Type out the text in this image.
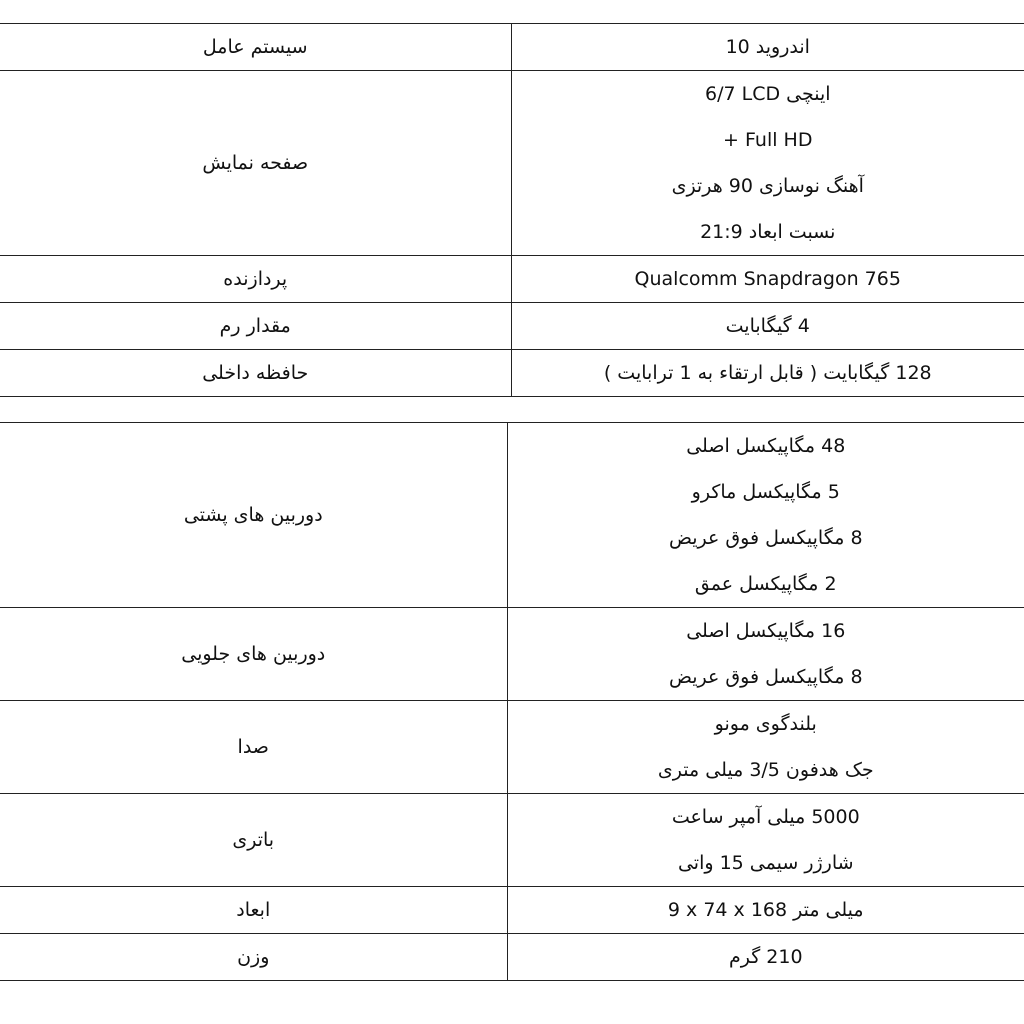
سیستم عامل	اندروید 10

صفحه نمایش	6/7 LCD اینچی
+ Full HD
آهنگ نوسازی 90 هرتزی
نسبت ابعاد 21:9

پردازنده	Qualcomm Snapdragon 765

مقدار رم	4 گیگابایت

حافظه داخلی	128 گیگابایت ( قابل ارتقاء به 1 ترابایت )
دوربین های پشتی	48 مگاپیکسل اصلی
5 مگاپیکسل ماکرو
8 مگاپیکسل فوق عریض
2 مگاپیکسل عمق

دوربین های جلویی	16 مگاپیکسل اصلی
8 مگاپیکسل فوق عریض

صدا	بلندگوی مونو
جک هدفون 3/5 میلی متری

باتری	5000 میلی آمپر ساعت
شارژر سیمی 15 واتی

ابعاد	9 x 74 x 168 میلی متر

وزن	210 گرم
